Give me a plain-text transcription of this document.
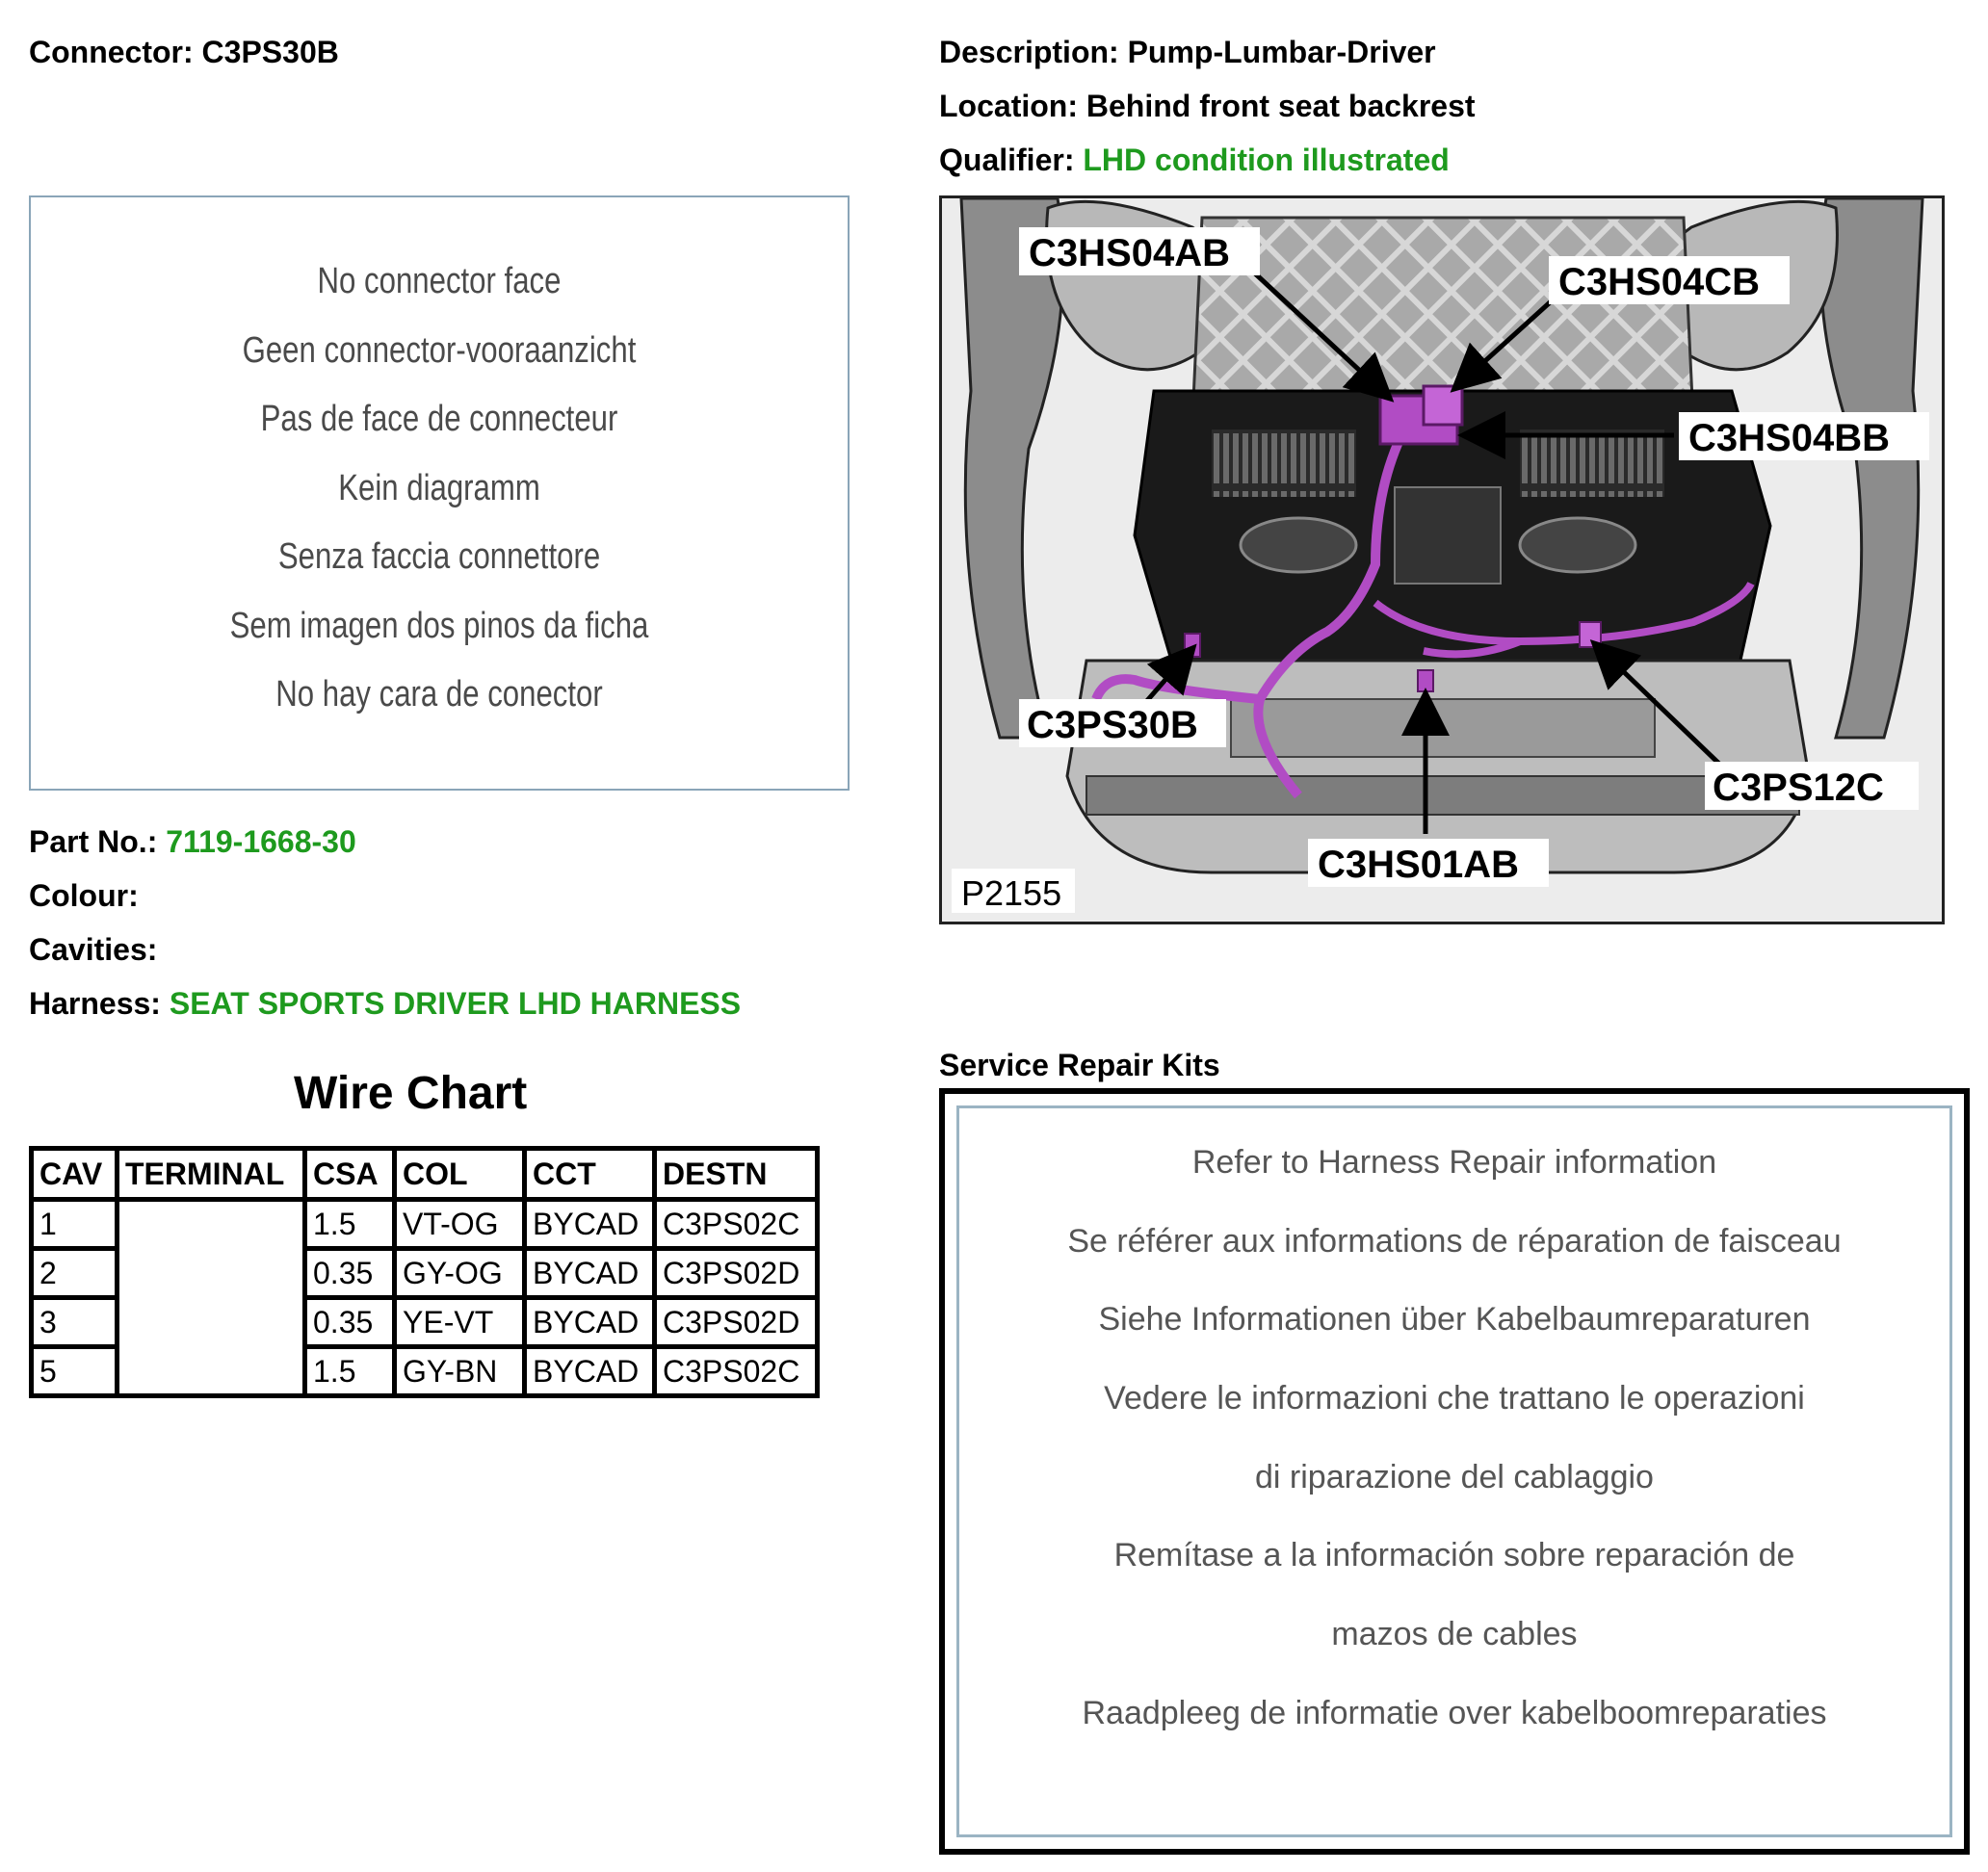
Connector: C3PS30B	Description: Pump-Lumbar-Driver
Location: Behind front seat backrest
Qualifier: LHD condition illustrated
No connector face
Geen connector-vooraanzicht
Pas de face de connecteur
Kein diagramm
Senza faccia connettore
Sem imagen dos pinos da ficha
No hay cara de conector
C3HS04AB
C3HS04CB
C3HS04BB
C3PS30B
C3PS12C
C3HS01AB
P2155
Part No.: 7119-1668-30
Colour:
Cavities:
Harness: SEAT SPORTS DRIVER LHD HARNESS
Wire Chart
CAV	TERMINAL	CSA	COL	CCT	DESTN
1		1.5	VT-OG	BYCAD	C3PS02C
2		0.35	GY-OG	BYCAD	C3PS02D
3		0.35	YE-VT	BYCAD	C3PS02D
5		1.5	GY-BN	BYCAD	C3PS02C
Service Repair Kits
Refer to Harness Repair information
Se référer aux informations de réparation de faisceau
Siehe Informationen über Kabelbaumreparaturen
Vedere le informazioni che trattano le operazioni
di riparazione del cablaggio
Remítase a la información sobre reparación de
mazos de cables
Raadpleeg de informatie over kabelboomreparaties
